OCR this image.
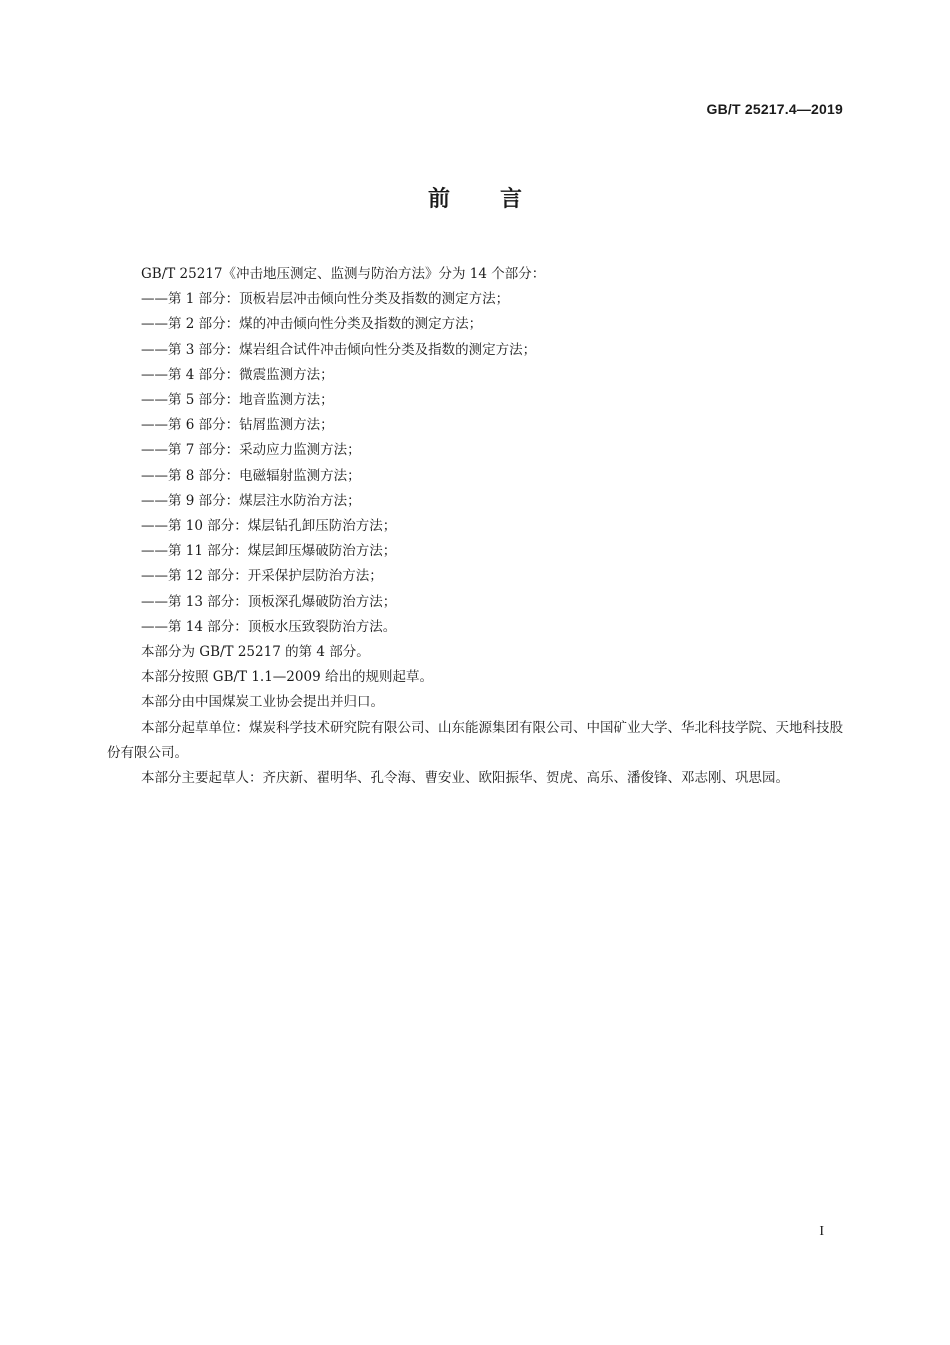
GB/T 25217.4—2019
前言

GB/T 25217《冲击地压测定、监测与防治方法》分为 14 个部分：

——第 1 部分：顶板岩层冲击倾向性分类及指数的测定方法；

——第 2 部分：煤的冲击倾向性分类及指数的测定方法；

——第 3 部分：煤岩组合试件冲击倾向性分类及指数的测定方法；

——第 4 部分：微震监测方法；

——第 5 部分：地音监测方法；

——第 6 部分：钻屑监测方法；

——第 7 部分：采动应力监测方法；

——第 8 部分：电磁辐射监测方法；

——第 9 部分：煤层注水防治方法；

——第 10 部分：煤层钻孔卸压防治方法；

——第 11 部分：煤层卸压爆破防治方法；

——第 12 部分：开采保护层防治方法；

——第 13 部分：顶板深孔爆破防治方法；

——第 14 部分：顶板水压致裂防治方法。

本部分为 GB/T 25217 的第 4 部分。

本部分按照 GB/T 1.1—2009 给出的规则起草。

本部分由中国煤炭工业协会提出并归口。

本部分起草单位：煤炭科学技术研究院有限公司、山东能源集团有限公司、中国矿业大学、华北科技学院、天地科技股份有限公司。

本部分主要起草人：齐庆新、翟明华、孔令海、曹安业、欧阳振华、贺虎、高乐、潘俊锋、邓志刚、巩思园。

I
